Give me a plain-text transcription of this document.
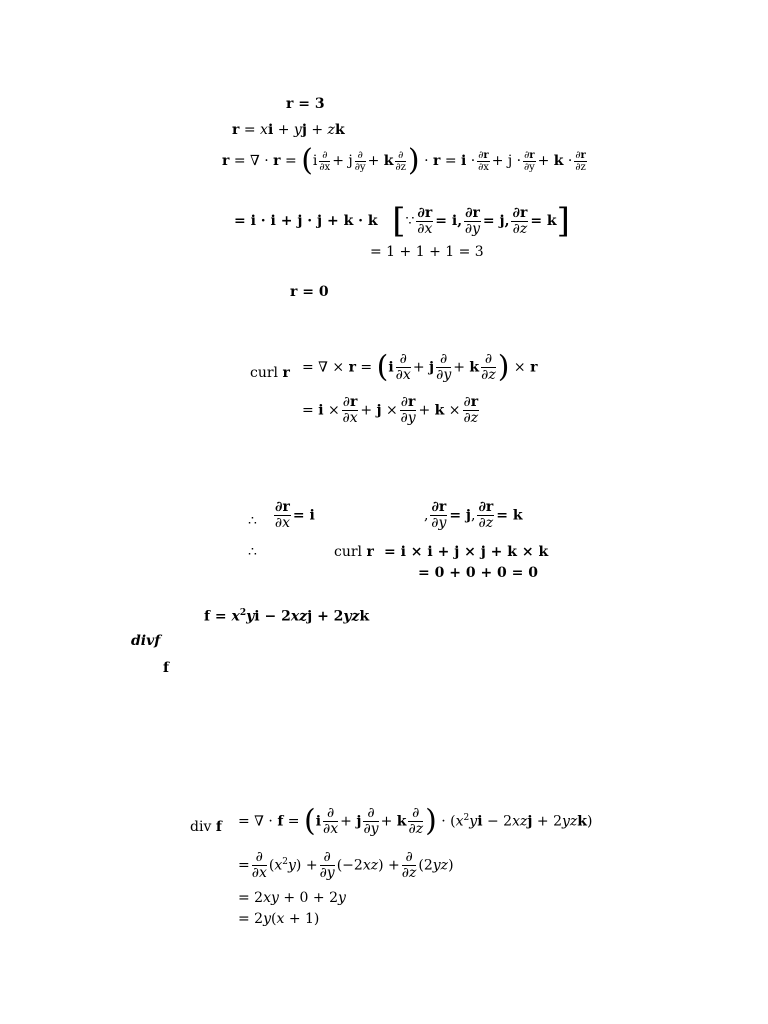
r = 3
r = xi + yj + zk
r = ∇ · $r = (i \frac{\partial}{\partial x} + j \frac{\partial}{\partial y} + k \frac{\partial}{\partial z}$ ) · $r = i \cdot \frac{\partial r}{\partial x} + j \cdot \frac{\partial r}{\partial y} + k \cdot \frac{\partial r}{\partial z}$
= i · i + j · j + k · k   [∵ $\frac{\partial r}{\partial x} = i$, $\frac{\partial r}{\partial y} = j$, $\frac{\partial r}{\partial z} = k$]
= 1 + 1 + 1 = 3
r = 0
curl r = ∇ × $r = (i \frac{\partial}{\partial x} + j \frac{\partial}{\partial y} + k \frac{\partial}{\partial z}$ ) × r
= $i \times \frac{\partial r}{\partial x} + j \times \frac{\partial r}{\partial y} + k \times \frac{\partial r}{\partial z}$
∴ $\frac{\partial r}{\partial x} = i$	, $\frac{\partial r}{\partial y} = j$, $\frac{\partial r}{\partial z} = k$
∴	curl r = i × i + j × j + k × k
= 0 + 0 + 0 = 0
$f = x^2yi - 2xzj + 2yzk$
divf
f
div f = ∇ · $f = (i \frac{\partial}{\partial x} + j \frac{\partial}{\partial y} + k \frac{\partial}{\partial z}$ ) · $(x^2yi - 2xzj + 2yzk)$
= $\frac{\partial}{\partial x} (x^2y) + \frac{\partial}{\partial y} (-2xz) + \frac{\partial}{\partial z} (2yz)$
= 2xy + 0 + 2y
= 2y(x + 1)
